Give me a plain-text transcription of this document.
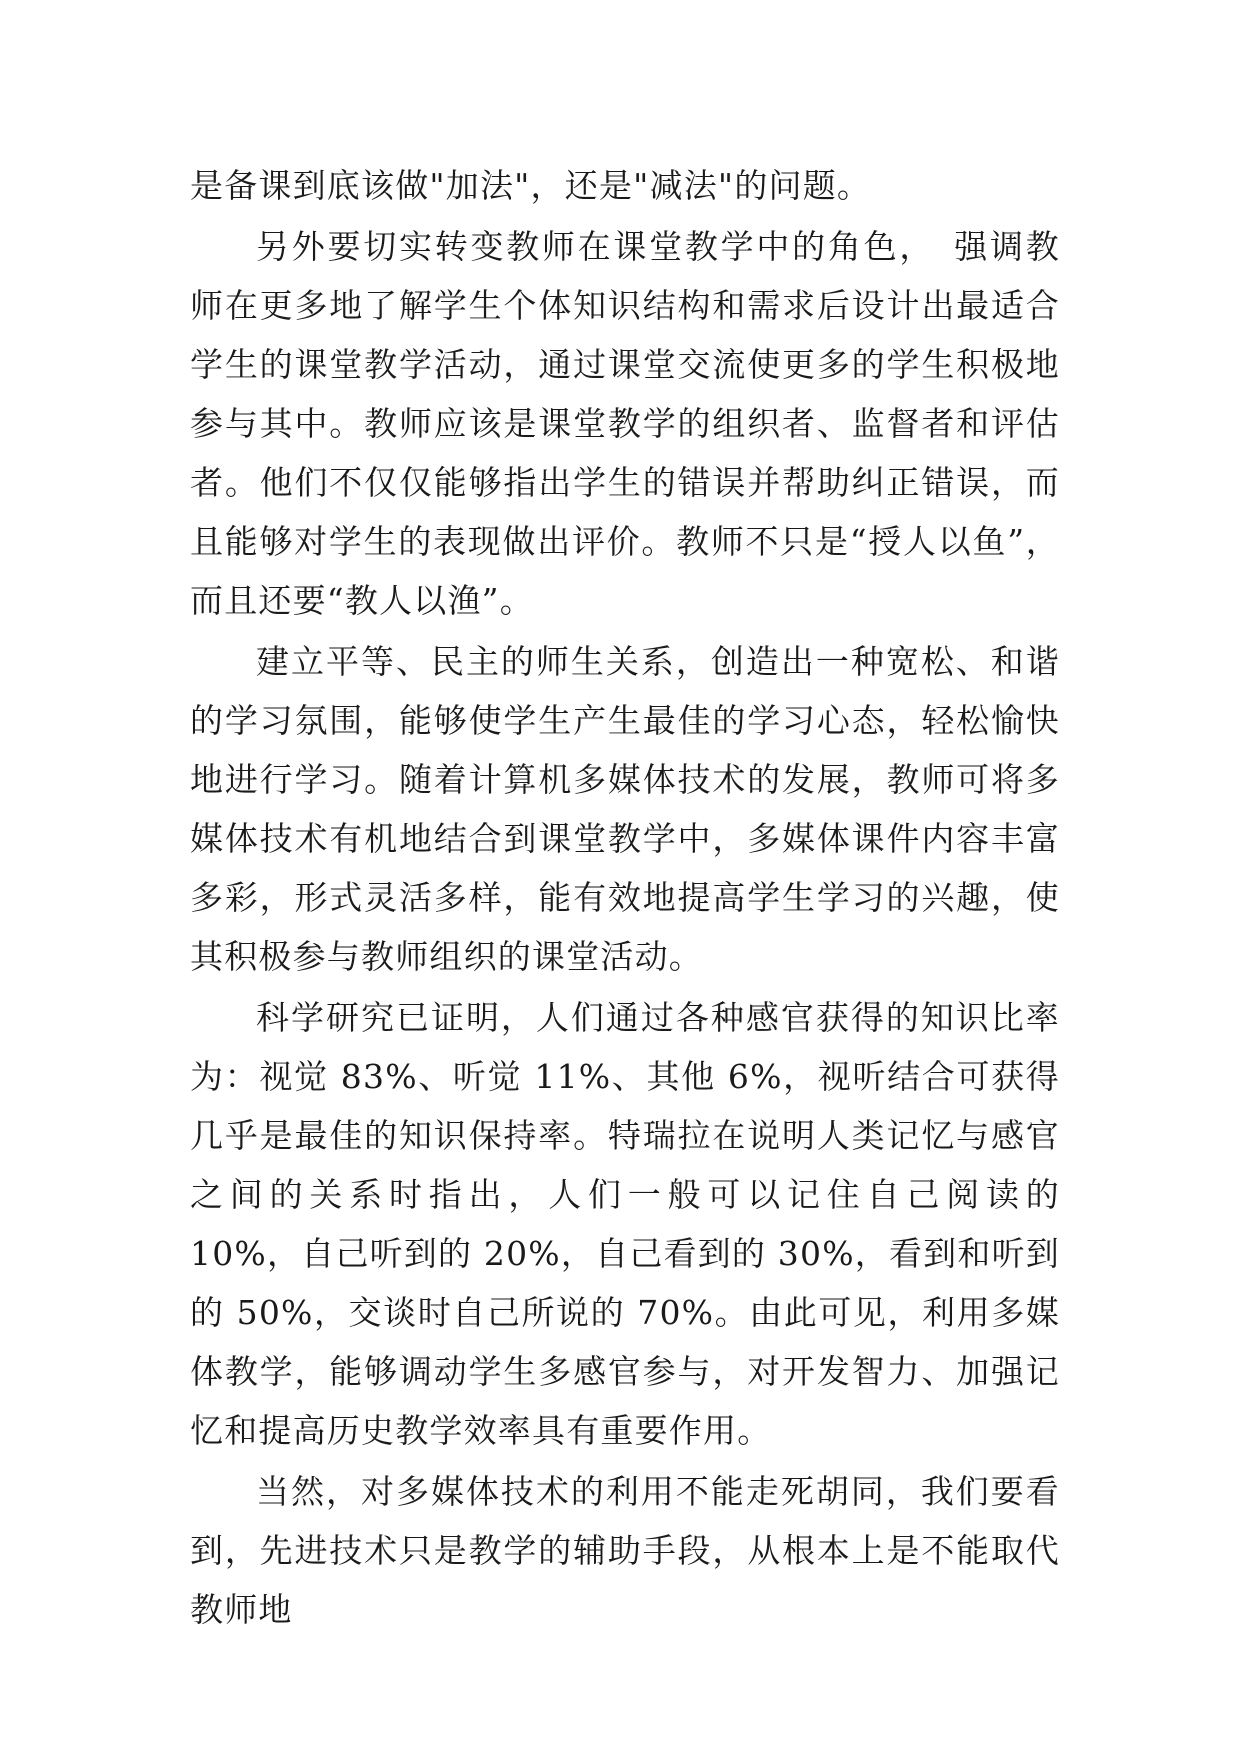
是备课到底该做"加法"，还是"减法"的问题。

另外要切实转变教师在课堂教学中的角色，　强调教师在更多地了解学生个体知识结构和需求后设计出最适合学生的课堂教学活动，通过课堂交流使更多的学生积极地参与其中。教师应该是课堂教学的组织者、监督者和评估者。他们不仅仅能够指出学生的错误并帮助纠正错误，而且能够对学生的表现做出评价。教师不只是“授人以鱼”，而且还要“教人以渔”。

建立平等、民主的师生关系，创造出一种宽松、和谐的学习氛围，能够使学生产生最佳的学习心态，轻松愉快地进行学习。随着计算机多媒体技术的发展，教师可将多媒体技术有机地结合到课堂教学中，多媒体课件内容丰富多彩，形式灵活多样，能有效地提高学生学习的兴趣，使其积极参与教师组织的课堂活动。

科学研究已证明，人们通过各种感官获得的知识比率为：视觉 83%、听觉 11%、其他 6%，视听结合可获得几乎是最佳的知识保持率。特瑞拉在说明人类记忆与感官之间的关系时指出，人们一般可以记住自己阅读的 10%，自己听到的 20%，自己看到的 30%，看到和听到的 50%，交谈时自己所说的 70%。由此可见，利用多媒体教学，能够调动学生多感官参与，对开发智力、加强记忆和提高历史教学效率具有重要作用。

当然，对多媒体技术的利用不能走死胡同，我们要看到，先进技术只是教学的辅助手段，从根本上是不能取代教师地
